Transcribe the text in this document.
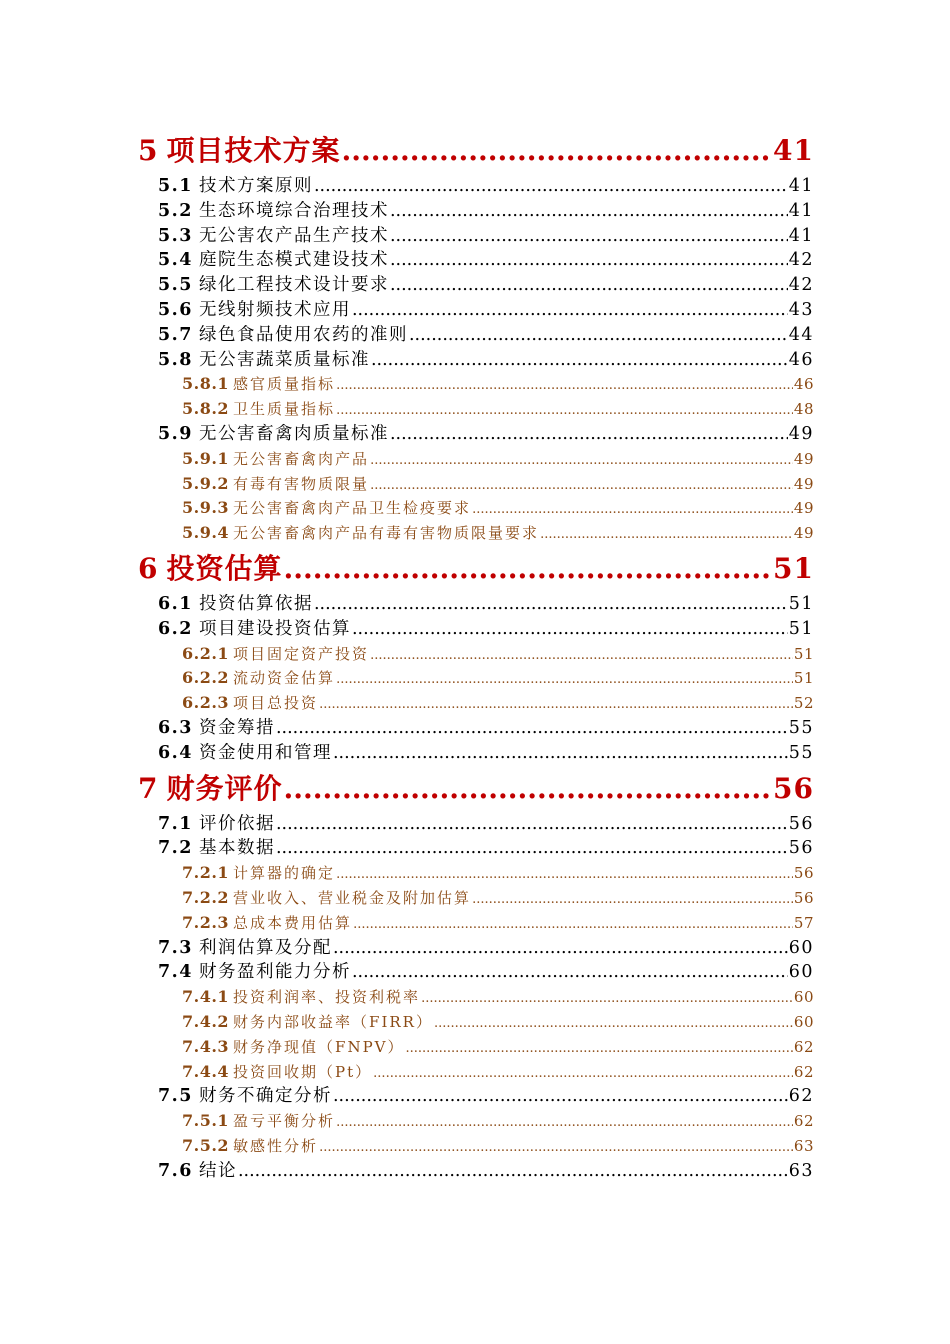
5 项目技术方案 .....	41
5.1 技术方案原则 .....	41
5.2 生态环境综合治理技术 .....	41
5.3 无公害农产品生产技术 .....	41
5.4 庭院生态模式建设技术 .....	42
5.5 绿化工程技术设计要求 .....	42
5.6 无线射频技术应用 .....	43
5.7 绿色食品使用农药的准则 .....	44
5.8 无公害蔬菜质量标准 .....	46
5.8.1 感官质量指标 .....	46
5.8.2 卫生质量指标 .....	48
5.9 无公害畜禽肉质量标准 .....	49
5.9.1 无公害畜禽肉产品 .....	49
5.9.2 有毒有害物质限量 .....	49
5.9.3 无公害畜禽肉产品卫生检疫要求 .....	49
5.9.4 无公害畜禽肉产品有毒有害物质限量要求 .....	49
6 投资估算 .....	51
6.1 投资估算依据 .....	51
6.2 项目建设投资估算 .....	51
6.2.1 项目固定资产投资 .....	51
6.2.2 流动资金估算 .....	51
6.2.3 项目总投资 .....	52
6.3 资金筹措 .....	55
6.4 资金使用和管理 .....	55
7 财务评价 .....	56
7.1 评价依据 .....	56
7.2 基本数据 .....	56
7.2.1 计算器的确定 .....	56
7.2.2 营业收入、营业税金及附加估算 .....	56
7.2.3 总成本费用估算 .....	57
7.3 利润估算及分配 .....	60
7.4 财务盈利能力分析 .....	60
7.4.1 投资利润率、投资利税率 .....	60
7.4.2 财务内部收益率（FIRR） .....	60
7.4.3 财务净现值（FNPV） .....	62
7.4.4 投资回收期（Pt） .....	62
7.5 财务不确定分析 .....	62
7.5.1 盈亏平衡分析 .....	62
7.5.2 敏感性分析 .....	63
7.6 结论 .....	63
